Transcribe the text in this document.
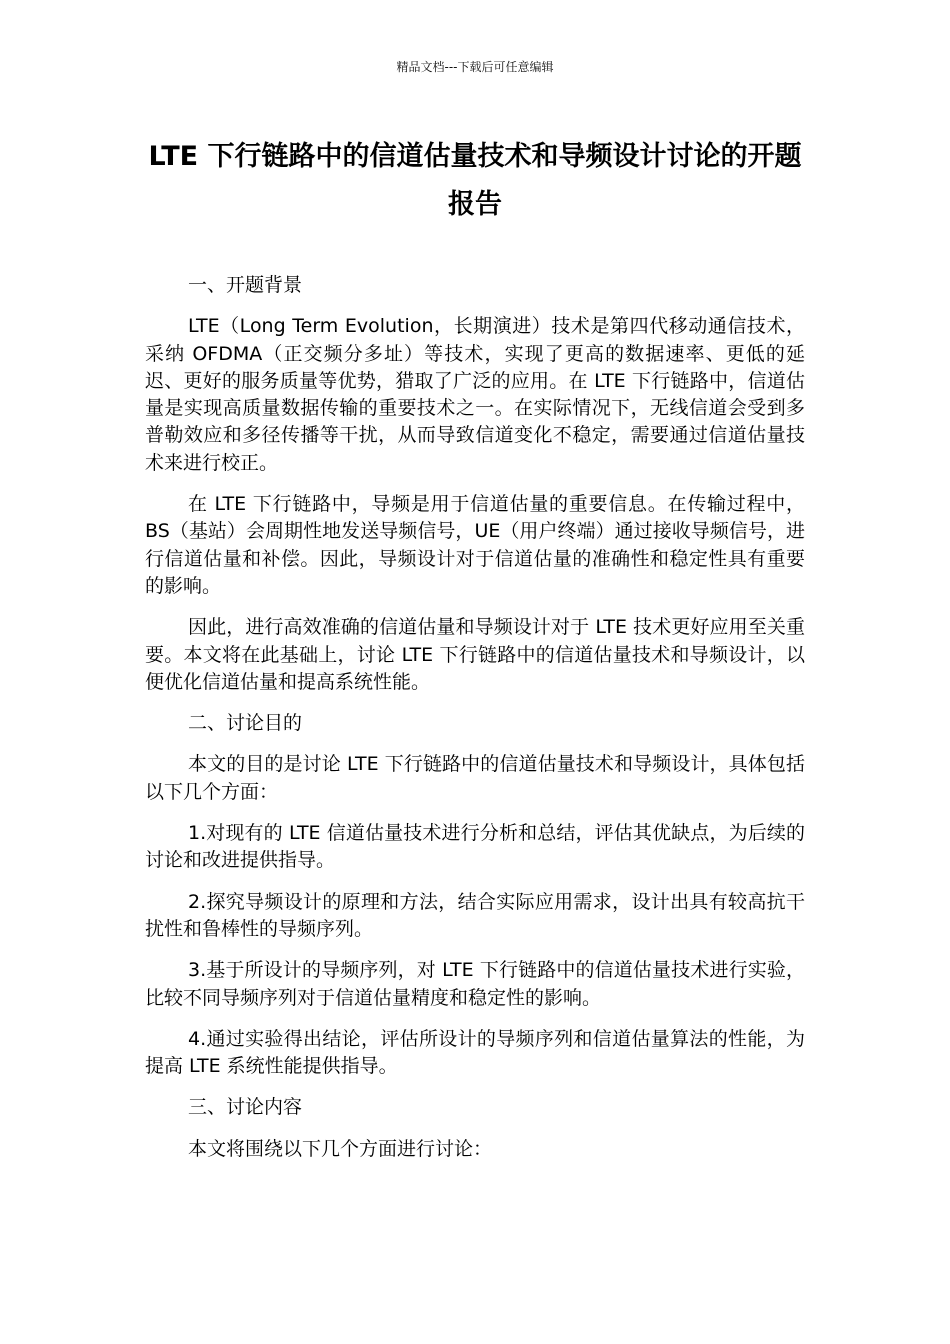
精品文档---下载后可任意编辑
LTE 下行链路中的信道估量技术和导频设计讨论的开题报告

一、开题背景

LTE（Long Term Evolution，长期演进）技术是第四代移动通信技术，采纳 OFDMA（正交频分多址）等技术，实现了更高的数据速率、更低的延迟、更好的服务质量等优势，猎取了广泛的应用。在 LTE 下行链路中，信道估量是实现高质量数据传输的重要技术之一。在实际情况下，无线信道会受到多普勒效应和多径传播等干扰，从而导致信道变化不稳定，需要通过信道估量技术来进行校正。

在 LTE 下行链路中，导频是用于信道估量的重要信息。在传输过程中，BS（基站）会周期性地发送导频信号，UE（用户终端）通过接收导频信号，进行信道估量和补偿。因此，导频设计对于信道估量的准确性和稳定性具有重要的影响。

因此，进行高效准确的信道估量和导频设计对于 LTE 技术更好应用至关重要。本文将在此基础上，讨论 LTE 下行链路中的信道估量技术和导频设计，以便优化信道估量和提高系统性能。

二、讨论目的

本文的目的是讨论 LTE 下行链路中的信道估量技术和导频设计，具体包括以下几个方面：

1.对现有的 LTE 信道估量技术进行分析和总结，评估其优缺点，为后续的讨论和改进提供指导。

2.探究导频设计的原理和方法，结合实际应用需求，设计出具有较高抗干扰性和鲁棒性的导频序列。

3.基于所设计的导频序列，对 LTE 下行链路中的信道估量技术进行实验，比较不同导频序列对于信道估量精度和稳定性的影响。

4.通过实验得出结论，评估所设计的导频序列和信道估量算法的性能，为提高 LTE 系统性能提供指导。

三、讨论内容

本文将围绕以下几个方面进行讨论：
